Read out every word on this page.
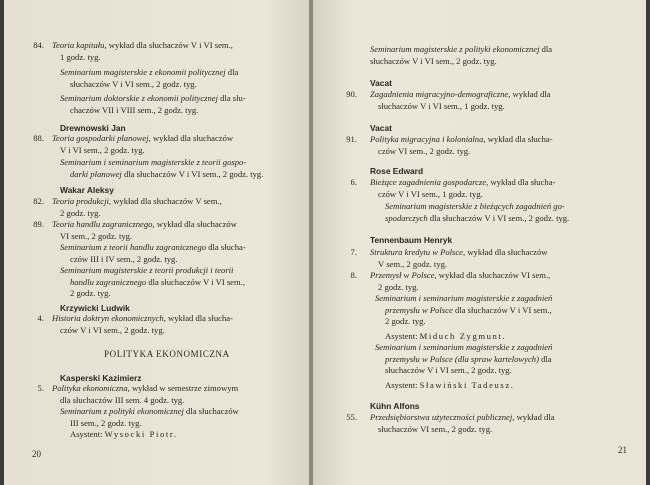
84. Teoria kapitału, wykład dla słuchaczów V i VI sem.,
1 godz. tyg.
Seminarium magisterskie z ekonomii politycznej dla
słuchaczów V i VI sem., 2 godz. tyg.
Seminarium doktorskie z ekonomii politycznej dla słu-
chaczów VII i VIII sem., 2 godz. tyg.
Drewnowski Jan
88. Teoria gospodarki planowej, wykład dla słuchaczów
V i VI sem., 2 godz. tyg.
Seminarium i seminarium magisterskie z teorii gospo-
darki planowej dla słuchaczów V i VI sem., 2 godz. tyg.
Wakar Aleksy
82. Teoria produkcji, wykład dla słuchaczów V sem.,
2 godz. tyg.
89. Teoria handlu zagranicznego, wykład dla słuchaczów
VI sem., 2 godz. tyg.
Seminarium z teorii handlu zagranicznego dla słucha-
czów III i IV sem., 2 godz. tyg.
Seminarium magisterskie z teorii produkcji i teorii
handlu zagranicznego dla słuchaczów V i VI sem.,
2 godz. tyg.
Krzywicki Ludwik
4. Historia doktryn ekonomicznych, wykład dla słucha-
czów V i VI sem., 2 godz. tyg.
POLITYKA EKONOMICZNA
Kasperski Kazimierz
5. Polityka ekonomiczna, wykład w semestrze zimowym
dla słuchaczów III sem. 4 godz. tyg.
Seminarium z polityki ekonomicznej dla słuchaczów
III sem., 2 godz. tyg.
Asystent: Wysocki Piotr.
20
Seminarium magisterskie z polityki ekonomicznej dla
słuchaczów V i VI sem., 2 godz. tyg.
Vacat
90.	Zagadnienia migracyjno-demograficzne, wykład dla
słuchaczów V i VI sem., 1 godz. tyg.
Vacat
91.	Polityka migracyjna i kolonialna, wykład dla słucha-
czów VI sem., 2 godz. tyg.
Rose Edward
6.	Bieżące zagadnienia gospodarcze, wykład dla słucha-
czów V i VI sem., 1 godz. tyg.
Seminarium magisterskie z bieżących zagadnień go-
spodarczych dla słuchaczów V i VI sem., 2 godz. tyg.
Tennenbaum Henryk
7.	Struktura kredytu w Polsce, wykład dla słuchaczów
V sem., 2 godz. tyg.
8.	Przemysł w Polsce, wykład dla słuchaczów VI sem.,
2 godz. tyg.
Seminarium i seminarium magisterskie z zagadnień
przemysłu w Polsce dla słuchaczów V i VI sem.,
2 godz. tyg.
Asystent: Miduch Zygmunt.
Seminarium i seminarium magisterskie z zagadnień
przemysłu w Polsce (dla spraw kartelowych) dla
słuchaczów V i VI sem., 2 godz. tyg.
Asystent: Sławiński Tadeusz.
Kühn Alfons
55.	Przedsiębiorstwa użyteczności publicznej, wykład dla
słuchaczów VI sem., 2 godz. tyg.
21
